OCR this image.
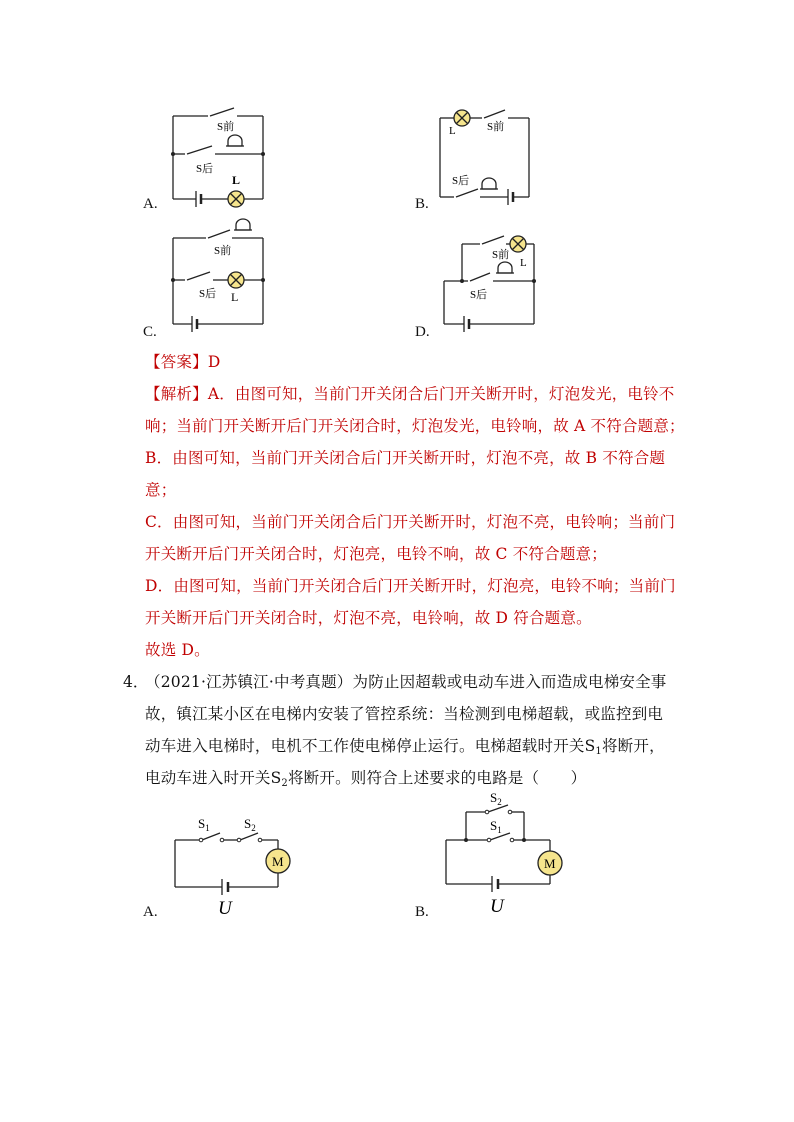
A.
S前
S后
L
B.
L	S前
S后
C.
S前
S后 L
D.
S前
L
S后
【答案】D
【解析】A．由图可知，当前门开关闭合后门开关断开时，灯泡发光，电铃不
响；当前门开关断开后门开关闭合时，灯泡发光，电铃响，故 A 不符合题意；
B．由图可知，当前门开关闭合后门开关断开时，灯泡不亮，故 B 不符合题
意；
C．由图可知，当前门开关闭合后门开关断开时，灯泡不亮，电铃响；当前门
开关断开后门开关闭合时，灯泡亮，电铃不响，故 C 不符合题意；
D．由图可知，当前门开关闭合后门开关断开时，灯泡亮，电铃不响；当前门
开关断开后门开关闭合时，灯泡不亮，电铃响，故 D 符合题意。
故选 D。
4．
（2021·江苏镇江·中考真题）为防止因超载或电动车进入而造成电梯安全事
故，镇江某小区在电梯内安装了管控系统：当检测到电梯超载，或监控到电
动车进入电梯时，电机不工作使电梯停止运行。电梯超载时开关$S_1$将断开，
电动车进入时开关$S_2$将断开。则符合上述要求的电路是（　　）
A.
M
$S_1$	$S_2$
U	B.
M
$S_2$
$S_1$
U
